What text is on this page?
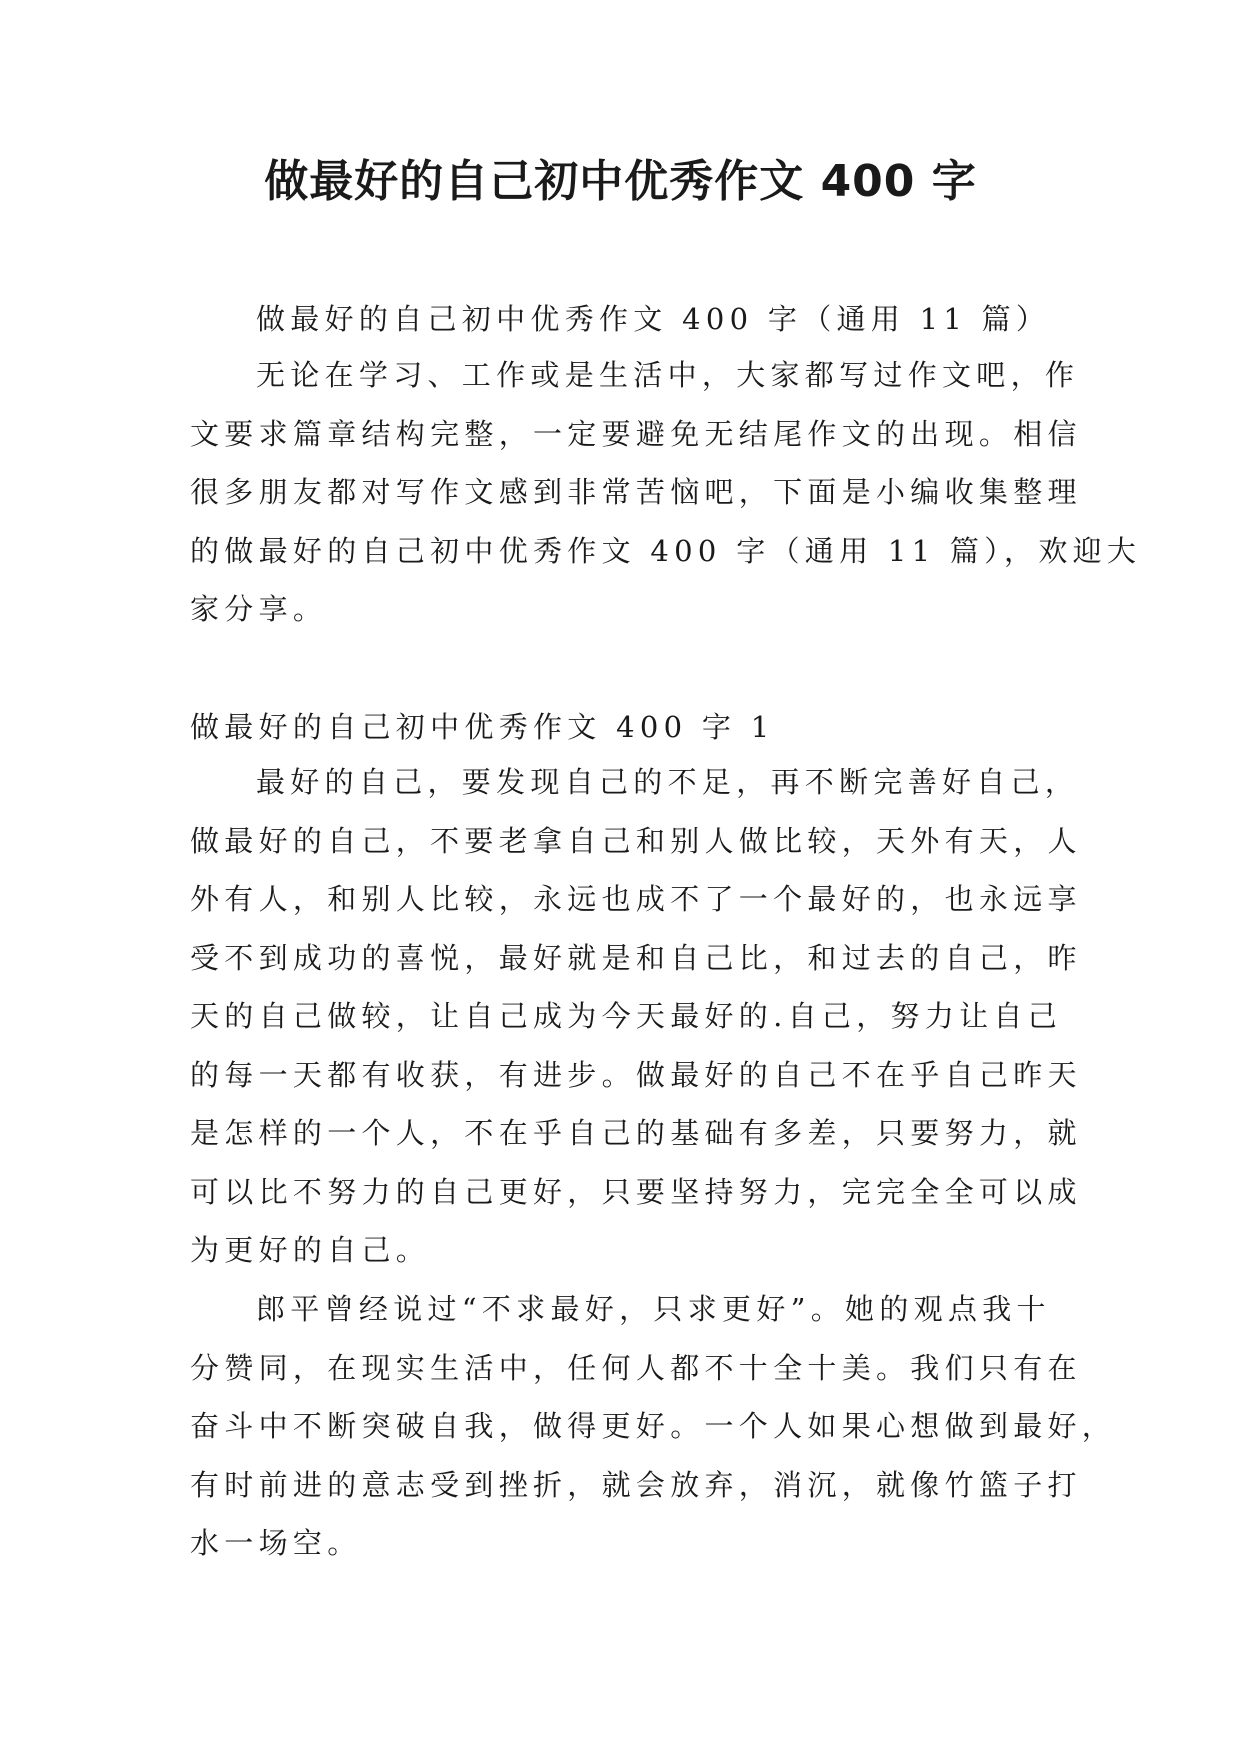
做最好的自己初中优秀作文 400 字
做最好的自己初中优秀作文 400 字（通用 11 篇）
无论在学习、工作或是生活中，大家都写过作文吧，作
文要求篇章结构完整，一定要避免无结尾作文的出现。相信
很多朋友都对写作文感到非常苦恼吧，下面是小编收集整理
的做最好的自己初中优秀作文 400 字（通用 11 篇），欢迎大
家分享。
做最好的自己初中优秀作文 400 字 1
最好的自己，要发现自己的不足，再不断完善好自己，
做最好的自己，不要老拿自己和别人做比较，天外有天，人
外有人，和别人比较，永远也成不了一个最好的，也永远享
受不到成功的喜悦，最好就是和自己比，和过去的自己，昨
天的自己做较，让自己成为今天最好的.自己，努力让自己
的每一天都有收获，有进步。做最好的自己不在乎自己昨天
是怎样的一个人，不在乎自己的基础有多差，只要努力，就
可以比不努力的自己更好，只要坚持努力，完完全全可以成
为更好的自己。
郎平曾经说过“不求最好，只求更好”。她的观点我十
分赞同，在现实生活中，任何人都不十全十美。我们只有在
奋斗中不断突破自我，做得更好。一个人如果心想做到最好，
有时前进的意志受到挫折，就会放弃，消沉，就像竹篮子打
水一场空。
